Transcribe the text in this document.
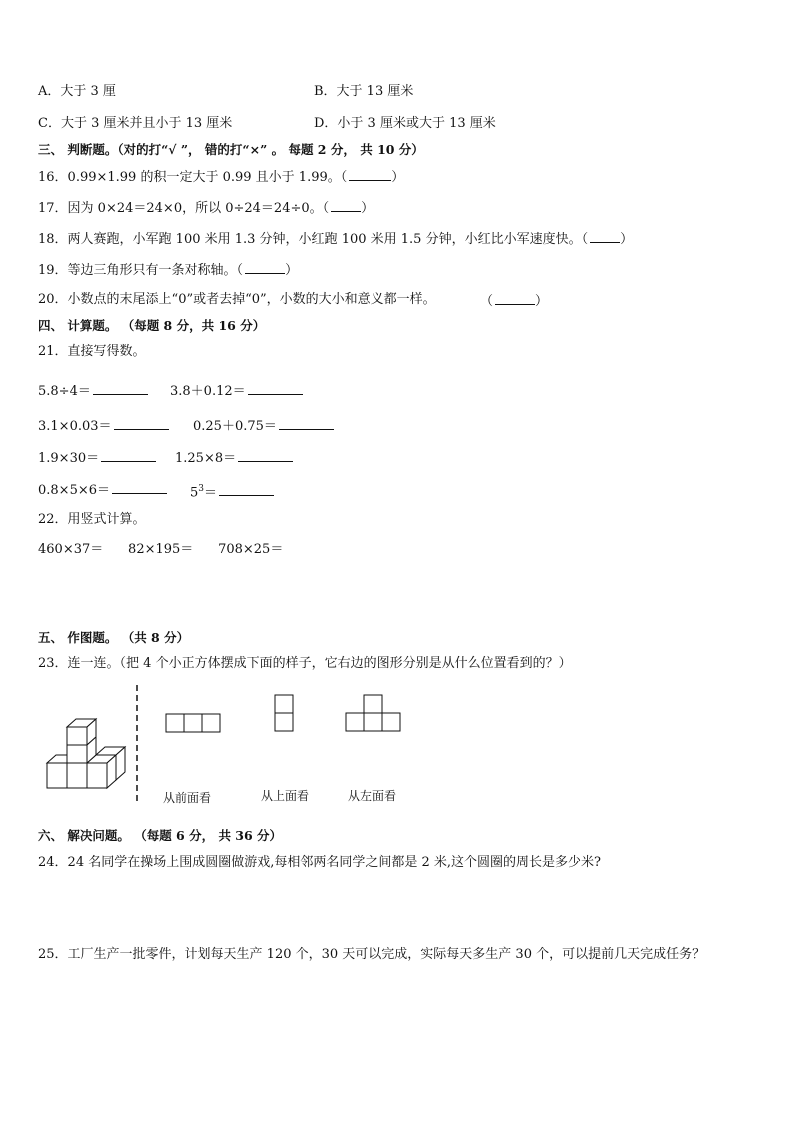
A．大于 3 厘	B．大于 13 厘米
C．大于 3 厘米并且小于 13 厘米	D．小于 3 厘米或大于 13 厘米
三、 判断题。（对的打“√ ”， 错的打“×” 。 每题 2 分， 共 10 分）
16．0.99×1.99 的积一定大于 0.99 且小于 1.99。（	）
17．因为 0×24＝24×0，所以 0÷24＝24÷0。（ ）
18．两人赛跑，小军跑 100 米用 1.3 分钟，小红跑 100 米用 1.5 分钟，小红比小军速度快。（ ）
19．等边三角形只有一条对称轴。（	）
20．小数点的末尾添上“0”或者去掉“0”，小数的大小和意义都一样。	（	）
四、 计算题。 （每题 8 分，共 16 分）
21．直接写得数。
5.8÷4＝	3.8＋0.12＝
3.1×0.03＝	0.25＋0.75＝
1.9×30＝	1.25×8＝
0.8×5×6＝	$5^3=$
22．用竖式计算。
460×37＝      82×195＝      708×25＝
五、 作图题。 （共 8 分）
23．连一连。（把 4 个小正方体摆成下面的样子，它右边的图形分别是从什么位置看到的？）
从前面看	从上面看	从左面看
六、 解决问题。 （每题 6 分， 共 36 分）
24．24 名同学在操场上围成圆圈做游戏,每相邻两名同学之间都是 2 米,这个圆圈的周长是多少米?
25．工厂生产一批零件，计划每天生产 120 个，30 天可以完成，实际每天多生产 30 个，可以提前几天完成任务？
